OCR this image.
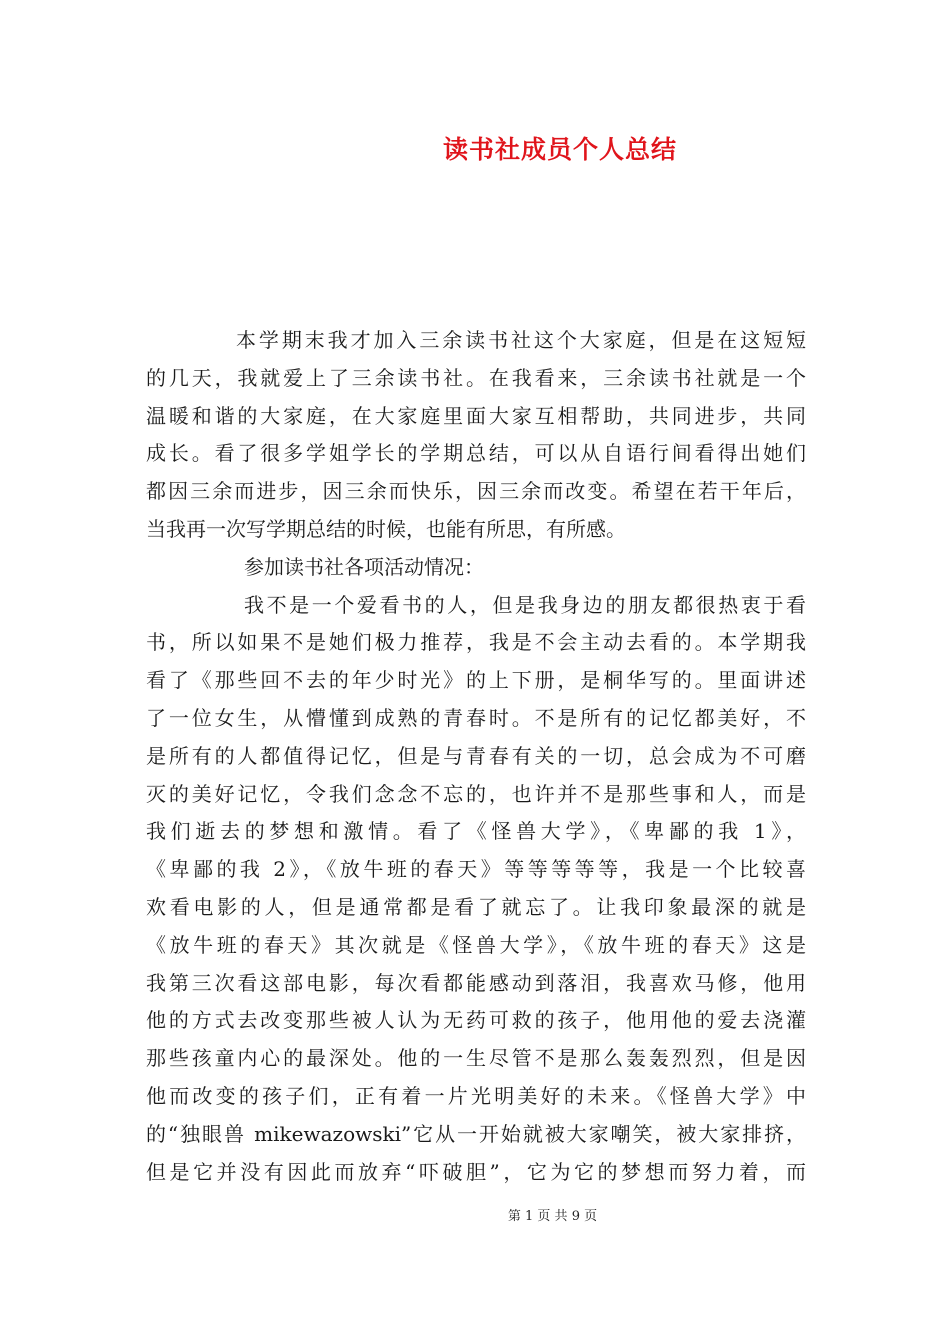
读书社成员个人总结
本学期末我才加入三余读书社这个大家庭，但是在这短短
的几天，我就爱上了三余读书社。在我看来，三余读书社就是一个
温暖和谐的大家庭，在大家庭里面大家互相帮助，共同进步，共同
成长。看了很多学姐学长的学期总结，可以从自语行间看得出她们
都因三余而进步，因三余而快乐，因三余而改变。希望在若干年后，
当我再一次写学期总结的时候，也能有所思，有所感。
参加读书社各项活动情况：
我不是一个爱看书的人，但是我身边的朋友都很热衷于看
书，所以如果不是她们极力推荐，我是不会主动去看的。本学期我
看了《那些回不去的年少时光》的上下册，是桐华写的。里面讲述
了一位女生，从懵懂到成熟的青春时。不是所有的记忆都美好，不
是所有的人都值得记忆，但是与青春有关的一切，总会成为不可磨
灭的美好记忆，令我们念念不忘的，也许并不是那些事和人，而是
我们逝去的梦想和激情。看了《怪兽大学》，《卑鄙的我 1》，
《卑鄙的我 2》，《放牛班的春天》等等等等等，我是一个比较喜
欢看电影的人，但是通常都是看了就忘了。让我印象最深的就是
《放牛班的春天》其次就是《怪兽大学》，《放牛班的春天》这是
我第三次看这部电影，每次看都能感动到落泪，我喜欢马修，他用
他的方式去改变那些被人认为无药可救的孩子，他用他的爱去浇灌
那些孩童内心的最深处。他的一生尽管不是那么轰轰烈烈，但是因
他而改变的孩子们，正有着一片光明美好的未来。《怪兽大学》中
的“独眼兽 mikewazowski”它从一开始就被大家嘲笑，被大家排挤，
但是它并没有因此而放弃“吓破胆”，它为它的梦想而努力着，而
第 1 页 共 9 页
